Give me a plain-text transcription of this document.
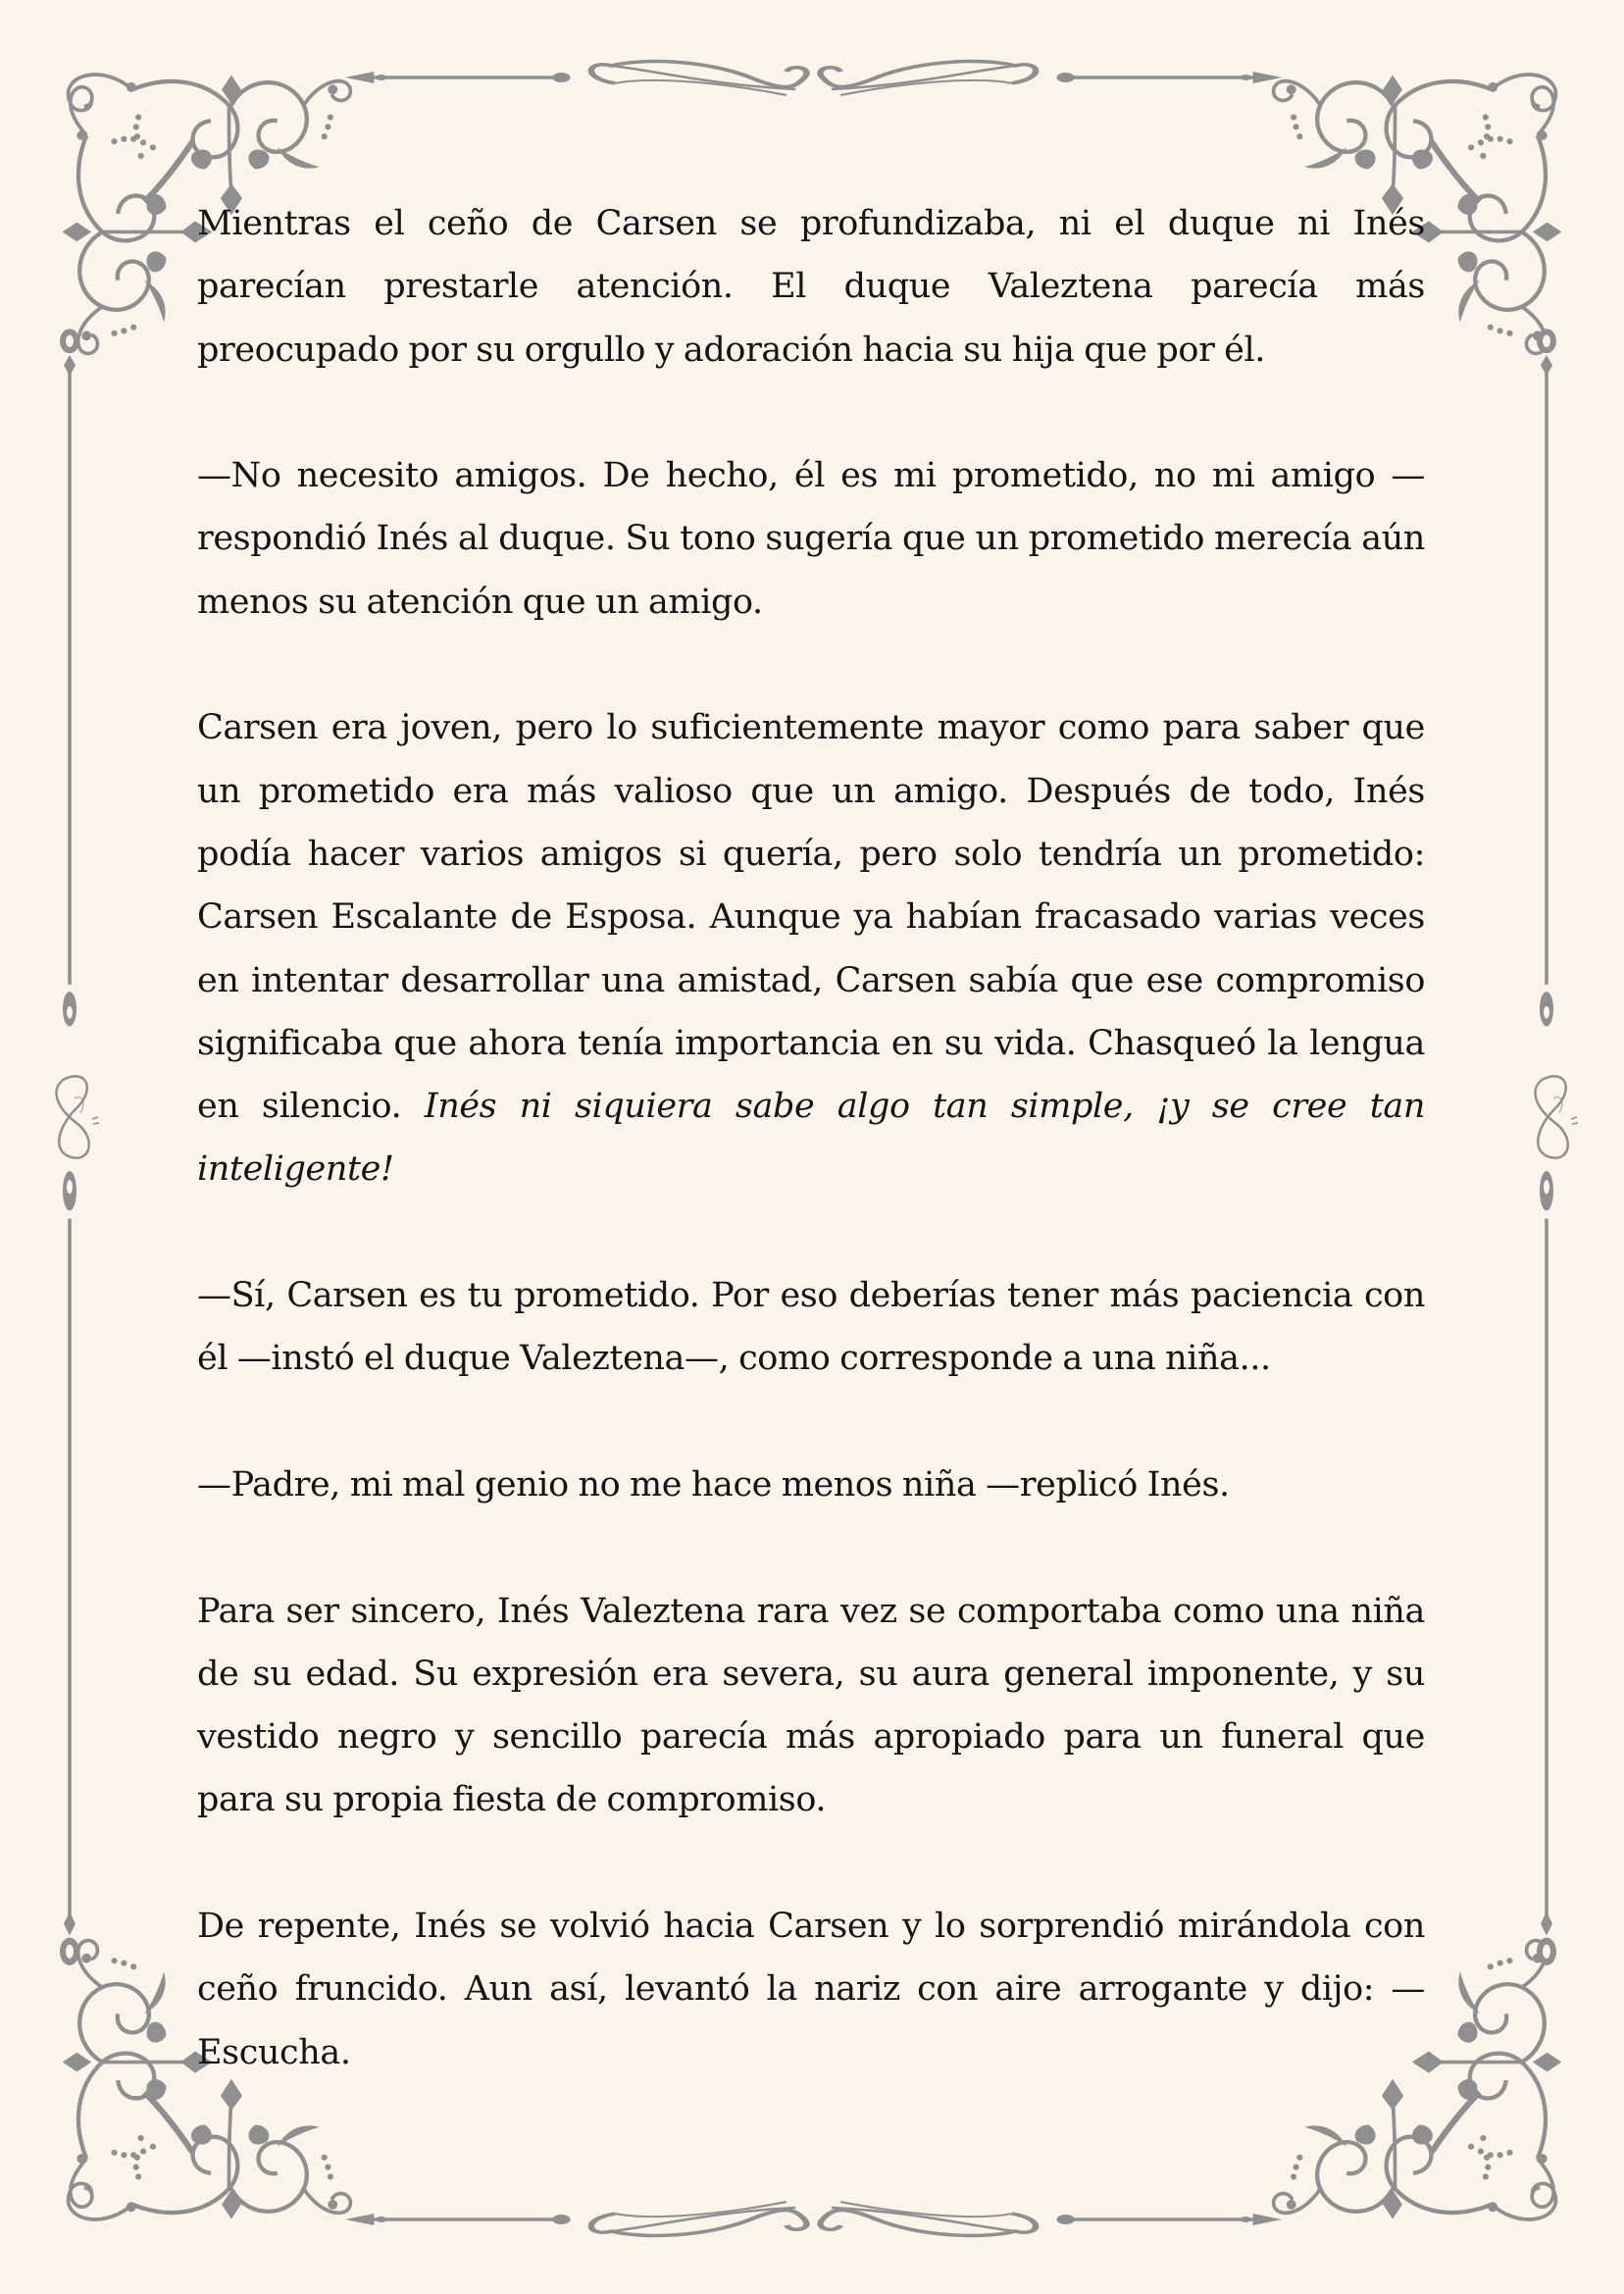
Mientras el ceño de Carsen se profundizaba, ni el duque ni Inés parecían prestarle atención. El duque Valeztena parecía más preocupado por su orgullo y adoración hacia su hija que por él.

—No necesito amigos. De hecho, él es mi prometido, no mi amigo —respondió Inés al duque. Su tono sugería que un prometido merecía aún menos su atención que un amigo.

Carsen era joven, pero lo suficientemente mayor como para saber que un prometido era más valioso que un amigo. Después de todo, Inés podía hacer varios amigos si quería, pero solo tendría un prometido: Carsen Escalante de Esposa. Aunque ya habían fracasado varias veces en intentar desarrollar una amistad, Carsen sabía que ese compromiso significaba que ahora tenía importancia en su vida. Chasqueó la lengua en silencio. Inés ni siquiera sabe algo tan simple, ¡y se cree tan inteligente!

—Sí, Carsen es tu prometido. Por eso deberías tener más paciencia con él —instó el duque Valeztena—, como corresponde a una niña...

—Padre, mi mal genio no me hace menos niña —replicó Inés.

Para ser sincero, Inés Valeztena rara vez se comportaba como una niña de su edad. Su expresión era severa, su aura general imponente, y su vestido negro y sencillo parecía más apropiado para un funeral que para su propia fiesta de compromiso.

De repente, Inés se volvió hacia Carsen y lo sorprendió mirándola con ceño fruncido. Aun así, levantó la nariz con aire arrogante y dijo: —Escucha.
